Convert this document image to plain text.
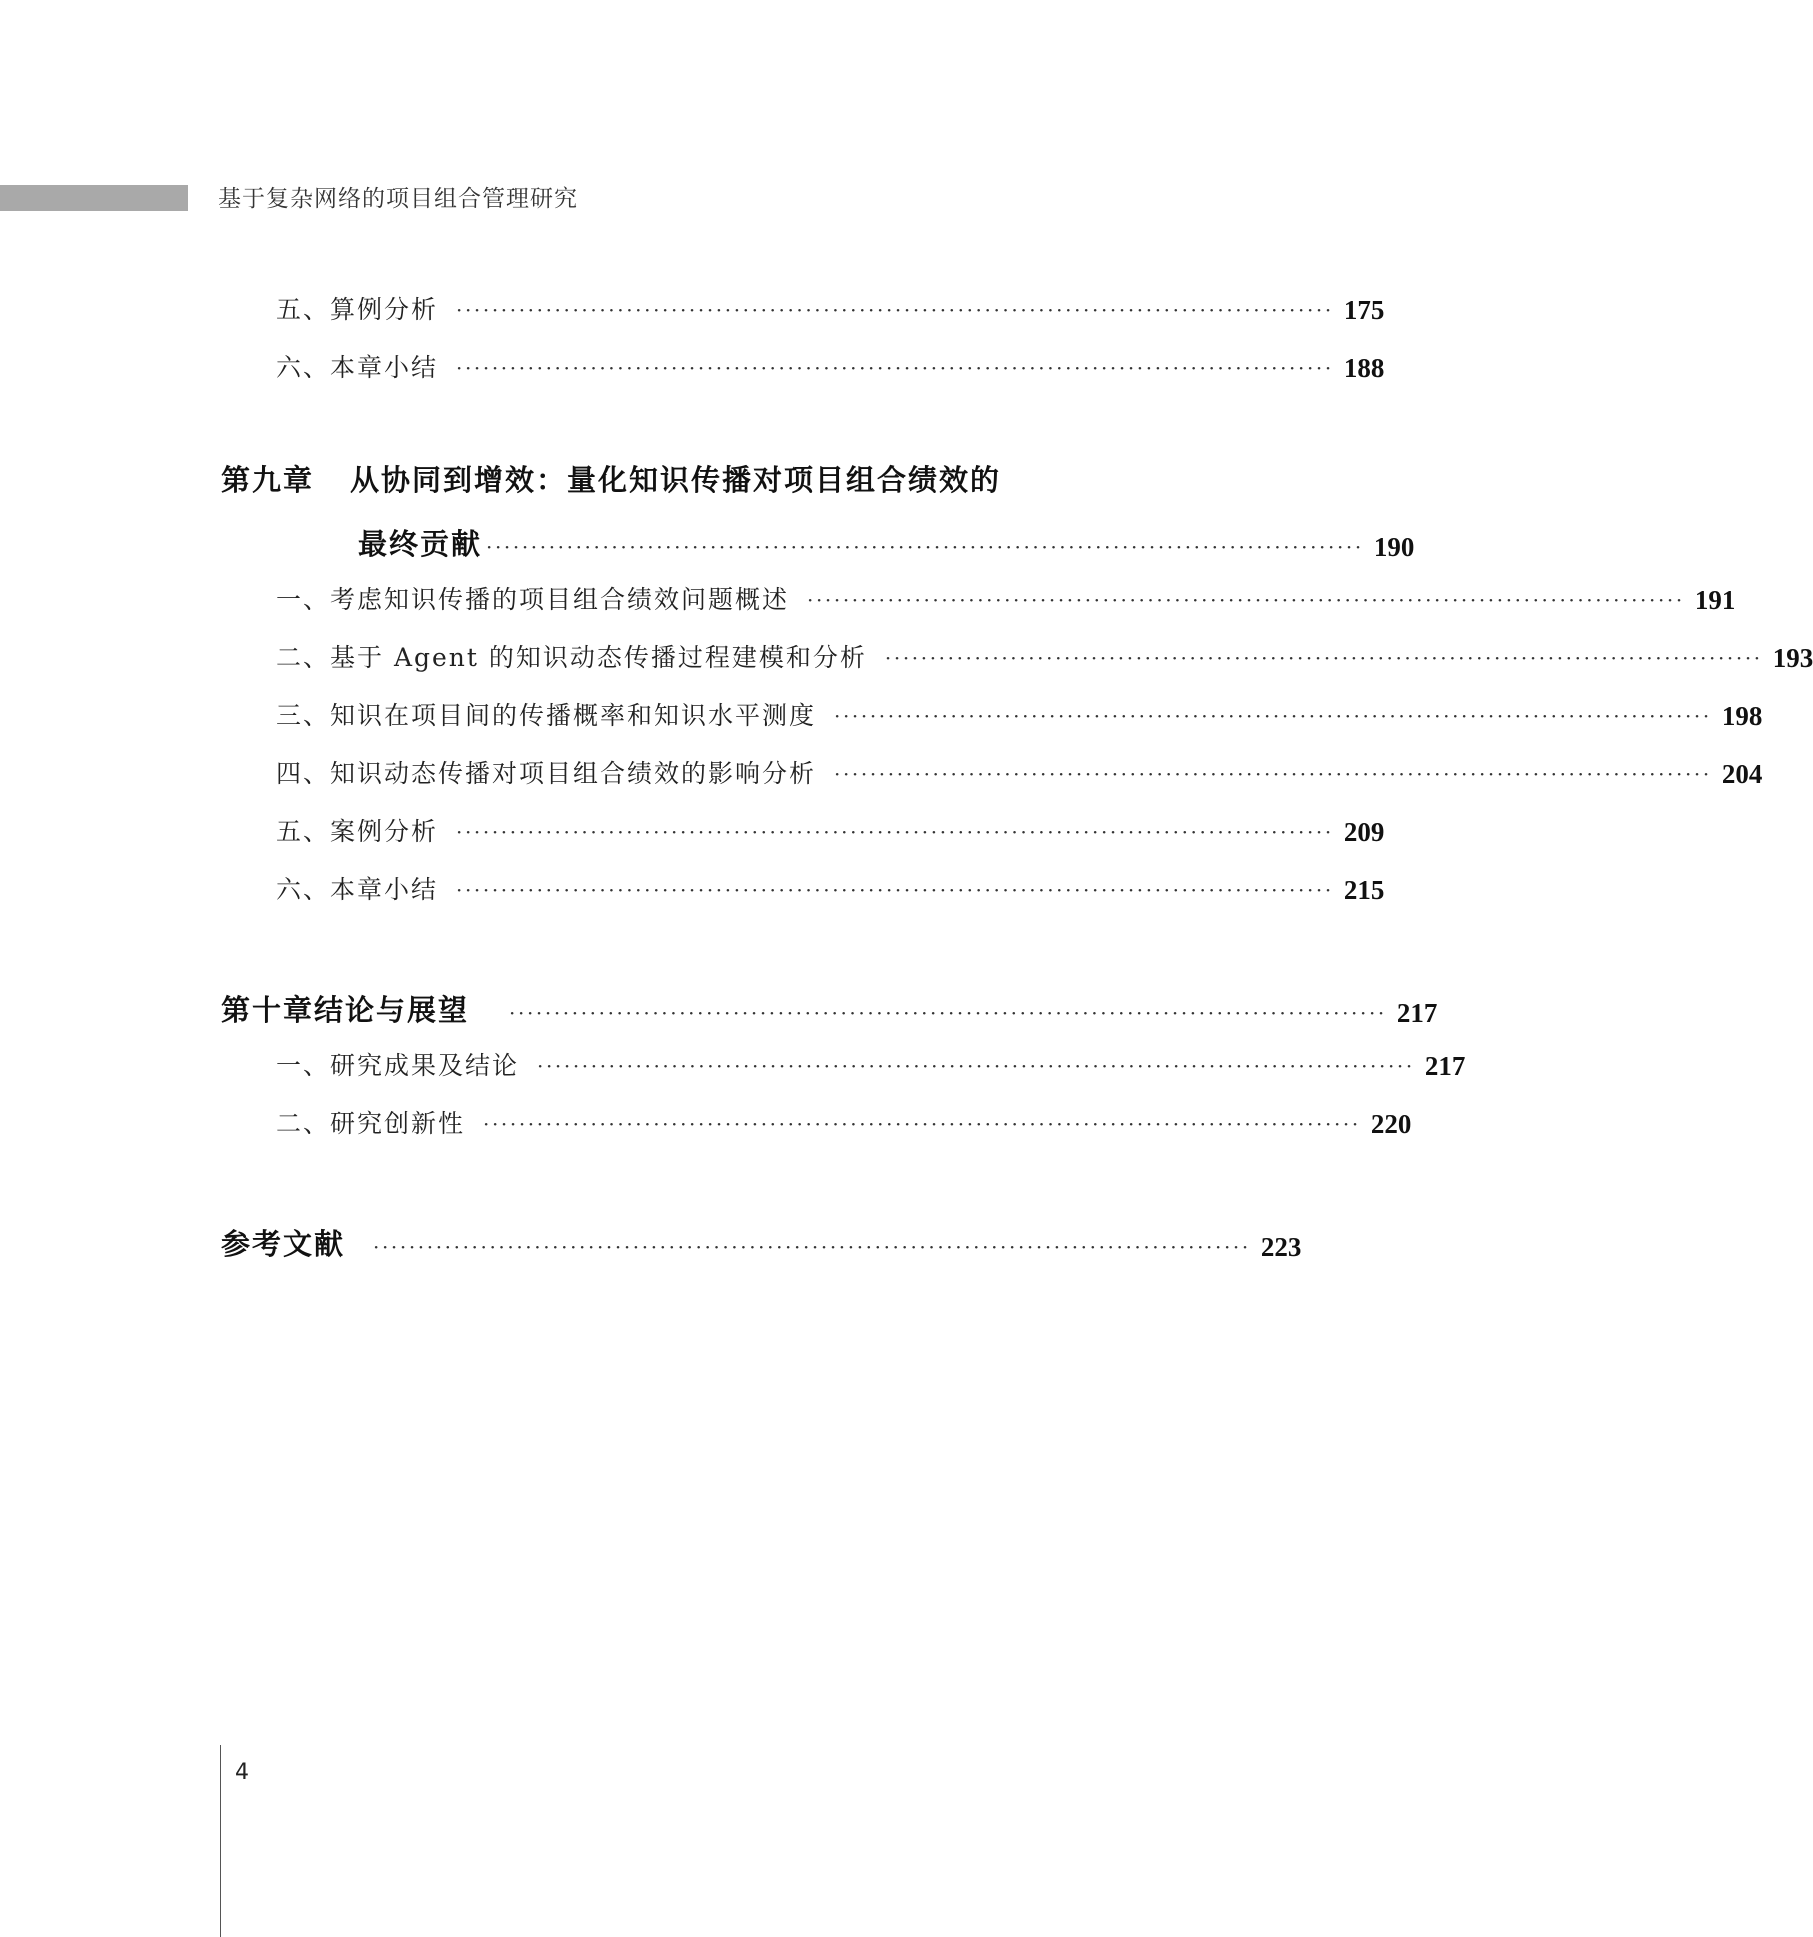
基于复杂网络的项目组合管理研究
五、算例分析 ·································································································· 175
六、本章小结 ·································································································· 188
第九章 从协同到增效：量化知识传播对项目组合绩效的
最终贡献 ·································································································· 190
一、考虑知识传播的项目组合绩效问题概述 ·································································································· 191
二、基于 Agent 的知识动态传播过程建模和分析 ·································································································· 193
三、知识在项目间的传播概率和知识水平测度 ·································································································· 198
四、知识动态传播对项目组合绩效的影响分析 ·································································································· 204
五、案例分析 ·································································································· 209
六、本章小结 ·································································································· 215
第十章 结论与展望 ·································································································· 217
一、研究成果及结论 ·································································································· 217
二、研究创新性 ·································································································· 220
参考文献 ·································································································· 223
4
